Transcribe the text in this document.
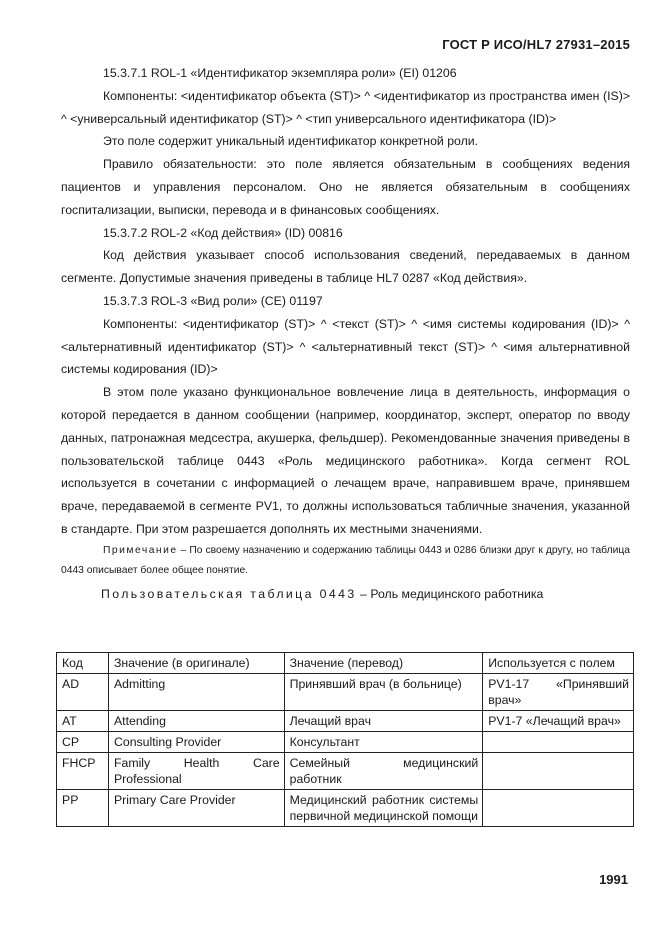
ГОСТ Р ИСО/HL7 27931–2015

15.3.7.1 ROL-1 «Идентификатор экземпляра роли» (EI) 01206

Компоненты: <идентификатор объекта (ST)> ^ <идентификатор из пространства имен (IS)> ^ <универсальный идентификатор (ST)> ^ <тип универсального идентификатора (ID)>

Это поле содержит уникальный идентификатор конкретной роли.

Правило обязательности: это поле является обязательным в сообщениях ведения пациентов и управления персоналом. Оно не является обязательным в сообщениях госпитализации, выписки, перевода и в финансовых сообщениях.

15.3.7.2 ROL-2 «Код действия» (ID) 00816

Код действия указывает способ использования сведений, передаваемых в данном сегменте. Допустимые значения приведены в таблице HL7 0287 «Код действия».

15.3.7.3 ROL-3 «Вид роли» (СЕ) 01197

Компоненты: <идентификатор (ST)> ^ <текст (ST)> ^ <имя системы кодирования (ID)> ^ <альтернативный идентификатор (ST)> ^ <альтернативный текст (ST)> ^ <имя альтернативной системы кодирования (ID)>

В этом поле указано функциональное вовлечение лица в деятельность, информация о которой передается в данном сообщении (например, координатор, эксперт, оператор по вводу данных, патронажная медсестра, акушерка, фельдшер). Рекомендованные значения приведены в пользовательской таблице 0443 «Роль медицинского работника». Когда сегмент ROL используется в сочетании с информацией о лечащем враче, направившем враче, принявшем враче, передаваемой в сегменте PV1, то должны использоваться табличные значения, указанной в стандарте. При этом разрешается дополнять их местными значениями.

Примечание – По своему назначению и содержанию таблицы 0443 и 0286 близки друг к другу, но таблица 0443 описывает более общее понятие.

Пользовательская таблица 0443 – Роль медицинского работника
Код	Значение (в оригинале)	Значение (перевод)	Используется с полем
AD	Admitting	Принявший врач (в больнице)	PV1-17 «Принявший врач»
AT	Attending	Лечащий врач	PV1-7 «Лечащий врач»
CP	Consulting Provider	Консультант	
FHCP	Family Health Care Professional	Семейный медицинский работник	
PP	Primary Care Provider	Медицинский работник системы первичной медицинской помощи	
1991
